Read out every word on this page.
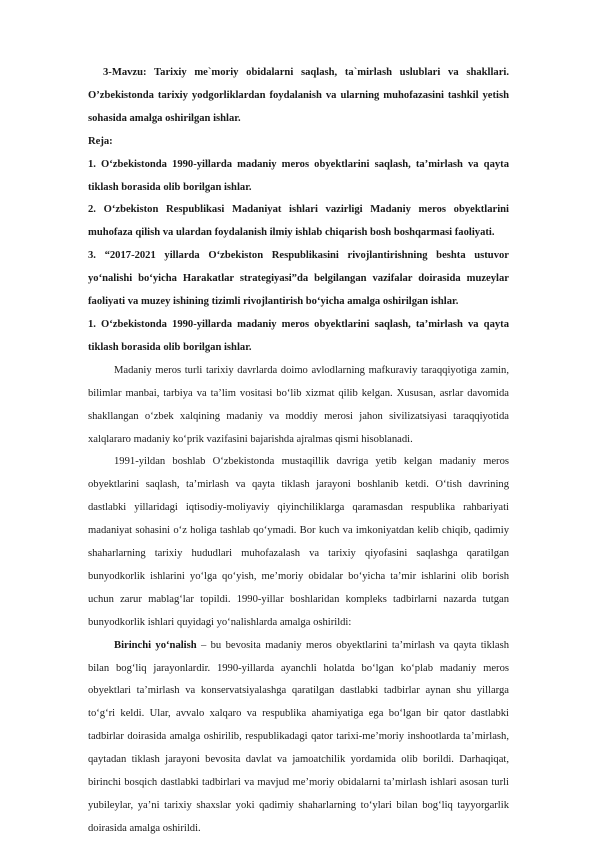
3-Mavzu: Tarixiy me`moriy obidalarni saqlash, ta`mirlash uslublari va shakllari. O’zbekistonda tarixiy yodgorliklardan foydalanish va ularning muhofazasini tashkil yetish sohasida amalga oshirilgan ishlar.

Reja:

1. O‘zbekistonda 1990-yillarda madaniy meros obyektlarini saqlash, ta’mirlash va qayta tiklash borasida olib borilgan ishlar.

2. O‘zbekiston Respublikasi Madaniyat ishlari vazirligi Madaniy meros obyektlarini muhofaza qilish va ulardan foydalanish ilmiy ishlab chiqarish bosh boshqarmasi faoliyati.

3. “2017-2021 yillarda O‘zbekiston Respublikasini rivojlantirishning beshta ustuvor yo‘nalishi bo‘yicha Harakatlar strategiyasi”da belgilangan vazifalar doirasida muzeylar faoliyati va muzey ishining tizimli rivojlantirish bo‘yicha amalga oshirilgan ishlar.

1. O‘zbekistonda 1990-yillarda madaniy meros obyektlarini saqlash, ta’mirlash va qayta tiklash borasida olib borilgan ishlar.

Madaniy meros turli tarixiy davrlarda doimo avlodlarning mafkuraviy taraqqiyotiga zamin, bilimlar manbai, tarbiya va ta’lim vositasi bo‘lib xizmat qilib kelgan. Xususan, asrlar davomida shakllangan o‘zbek xalqining madaniy va moddiy merosi jahon sivilizatsiyasi taraqqiyotida xalqlararo madaniy ko‘prik vazifasini bajarishda ajralmas qismi hisoblanadi.

1991-yildan boshlab O‘zbekistonda mustaqillik davriga yetib kelgan madaniy meros obyektlarini saqlash, ta’mirlash va qayta tiklash jarayoni boshlanib ketdi. O‘tish davrining dastlabki yillaridagi iqtisodiy-moliyaviy qiyinchiliklarga qaramasdan respublika rahbariyati madaniyat sohasini o‘z holiga tashlab qo‘ymadi. Bor kuch va imkoniyatdan kelib chiqib, qadimiy shaharlarning tarixiy hududlari muhofazalash va tarixiy qiyofasini saqlashga qaratilgan bunyodkorlik ishlarini yo‘lga qo‘yish, me’moriy obidalar bo‘yicha ta’mir ishlarini olib borish uchun zarur mablag‘lar topildi. 1990-yillar boshlaridan kompleks tadbirlarni nazarda tutgan bunyodkorlik ishlari quyidagi yo‘nalishlarda amalga oshirildi:

Birinchi yo‘nalish – bu bevosita madaniy meros obyektlarini ta’mirlash va qayta tiklash bilan bog‘liq jarayonlardir. 1990-yillarda ayanchli holatda bo‘lgan ko‘plab madaniy meros obyektlari ta’mirlash va konservatsiyalashga qaratilgan dastlabki tadbirlar aynan shu yillarga to‘g‘ri keldi. Ular, avvalo xalqaro va respublika ahamiyatiga ega bo‘lgan bir qator dastlabki tadbirlar doirasida amalga oshirilib, respublikadagi qator tarixi-me’moriy inshootlarda ta’mirlash, qaytadan tiklash jarayoni bevosita davlat va jamoatchilik yordamida olib borildi. Darhaqiqat, birinchi bosqich dastlabki tadbirlari va mavjud me’moriy obidalarni ta’mirlash ishlari asosan turli yubileylar, ya’ni tarixiy shaxslar yoki qadimiy shaharlarning to‘ylari bilan bog‘liq tayyorgarlik doirasida amalga oshirildi.
